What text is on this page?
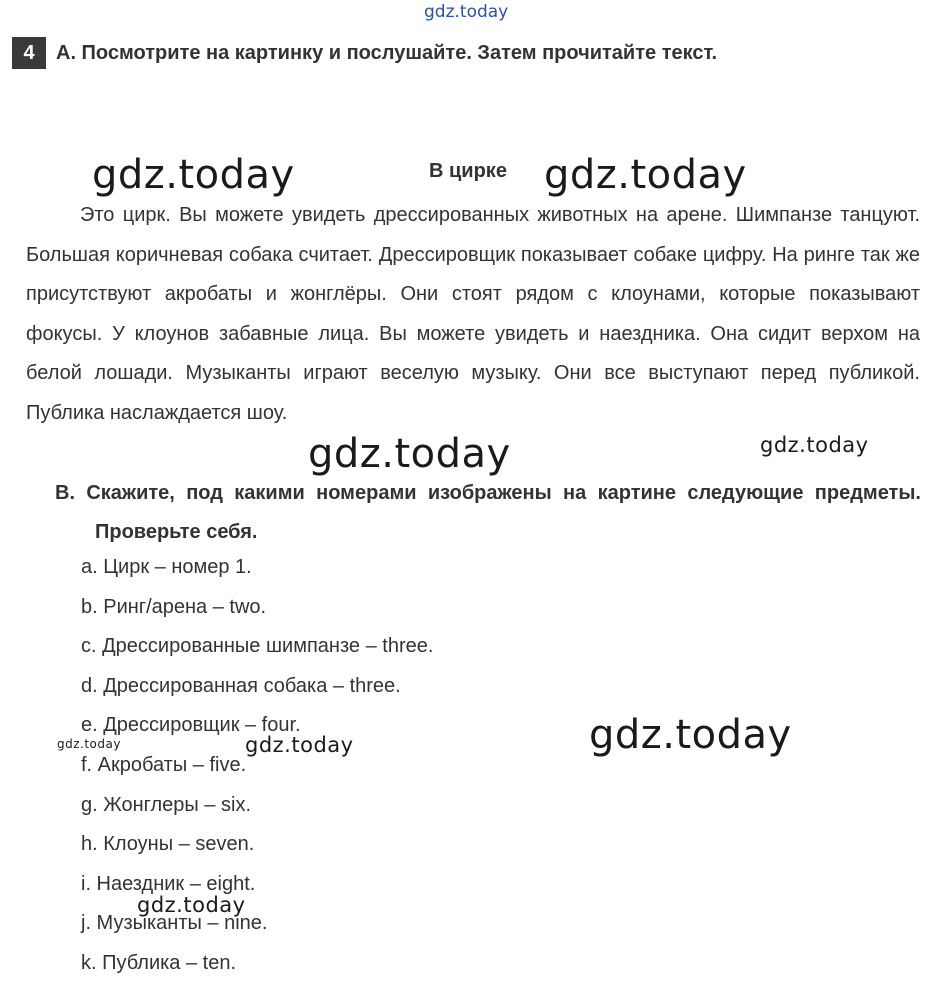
gdz.today
gdz.today	gdz.today
gdz.today	gdz.today
gdz.today	gdz.today	gdz.today
gdz.today
4	A. Посмотрите на картинку и послушайте. Затем прочитайте текст.
В цирке
Это цирк. Вы можете увидеть дрессированных животных на арене. Шимпанзе танцуют. Большая коричневая собака считает. Дрессировщик показывает собаке цифру. На ринге так же присутствуют акробаты и жонглёры. Они стоят рядом с клоунами, которые показывают фокусы. У клоунов забавные лица. Вы можете увидеть и наездника. Она сидит верхом на белой лошади. Музыканты играют веселую музыку. Они все выступают перед публикой. Публика наслаждается шоу.
B. Скажите, под какими номерами изображены на картине следующие предметы. Проверьте себя.
a. Цирк – номер 1.
b. Ринг/арена – two.
c. Дрессированные шимпанзе – three.
d. Дрессированная собака – three.
e. Дрессировщик – four.
f. Акробаты – five.
g. Жонглеры – six.
h. Клоуны – seven.
i. Наездник – eight.
j. Музыканты – nine.
k. Публика – ten.
